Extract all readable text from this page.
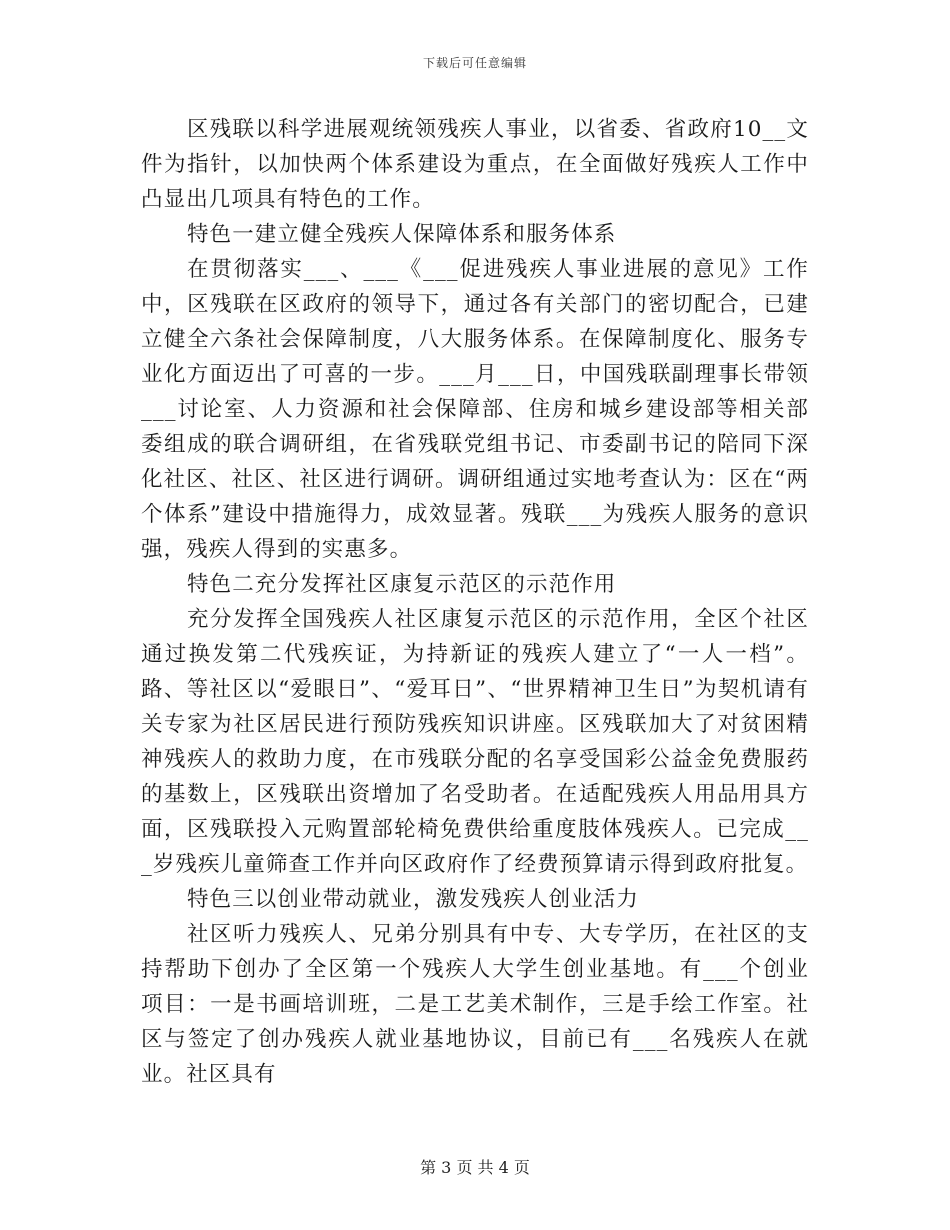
下载后可任意编辑

区残联以科学进展观统领残疾人事业，以省委、省政府10__文件为指针，以加快两个体系建设为重点，在全面做好残疾人工作中凸显出几项具有特色的工作。

特色一建立健全残疾人保障体系和服务体系

在贯彻落实___、___《___促进残疾人事业进展的意见》工作中，区残联在区政府的领导下，通过各有关部门的密切配合，已建立健全六条社会保障制度，八大服务体系。在保障制度化、服务专业化方面迈出了可喜的一步。___月___日，中国残联副理事长带领___讨论室、人力资源和社会保障部、住房和城乡建设部等相关部委组成的联合调研组，在省残联党组书记、市委副书记的陪同下深化社区、社区、社区进行调研。调研组通过实地考查认为：区在“两个体系”建设中措施得力，成效显著。残联___为残疾人服务的意识强，残疾人得到的实惠多。

特色二充分发挥社区康复示范区的示范作用

充分发挥全国残疾人社区康复示范区的示范作用，全区个社区通过换发第二代残疾证，为持新证的残疾人建立了“一人一档”。路、等社区以“爱眼日”、“爱耳日”、“世界精神卫生日”为契机请有关专家为社区居民进行预防残疾知识讲座。区残联加大了对贫困精神残疾人的救助力度，在市残联分配的名享受国彩公益金免费服药的基数上，区残联出资增加了名受助者。在适配残疾人用品用具方面，区残联投入元购置部轮椅免费供给重度肢体残疾人。已完成___岁残疾儿童筛查工作并向区政府作了经费预算请示得到政府批复。

特色三以创业带动就业，激发残疾人创业活力

社区听力残疾人、兄弟分别具有中专、大专学历，在社区的支持帮助下创办了全区第一个残疾人大学生创业基地。有___个创业项目：一是书画培训班，二是工艺美术制作，三是手绘工作室。社区与签定了创办残疾人就业基地协议，目前已有___名残疾人在就业。社区具有

第 3 页 共 4 页
